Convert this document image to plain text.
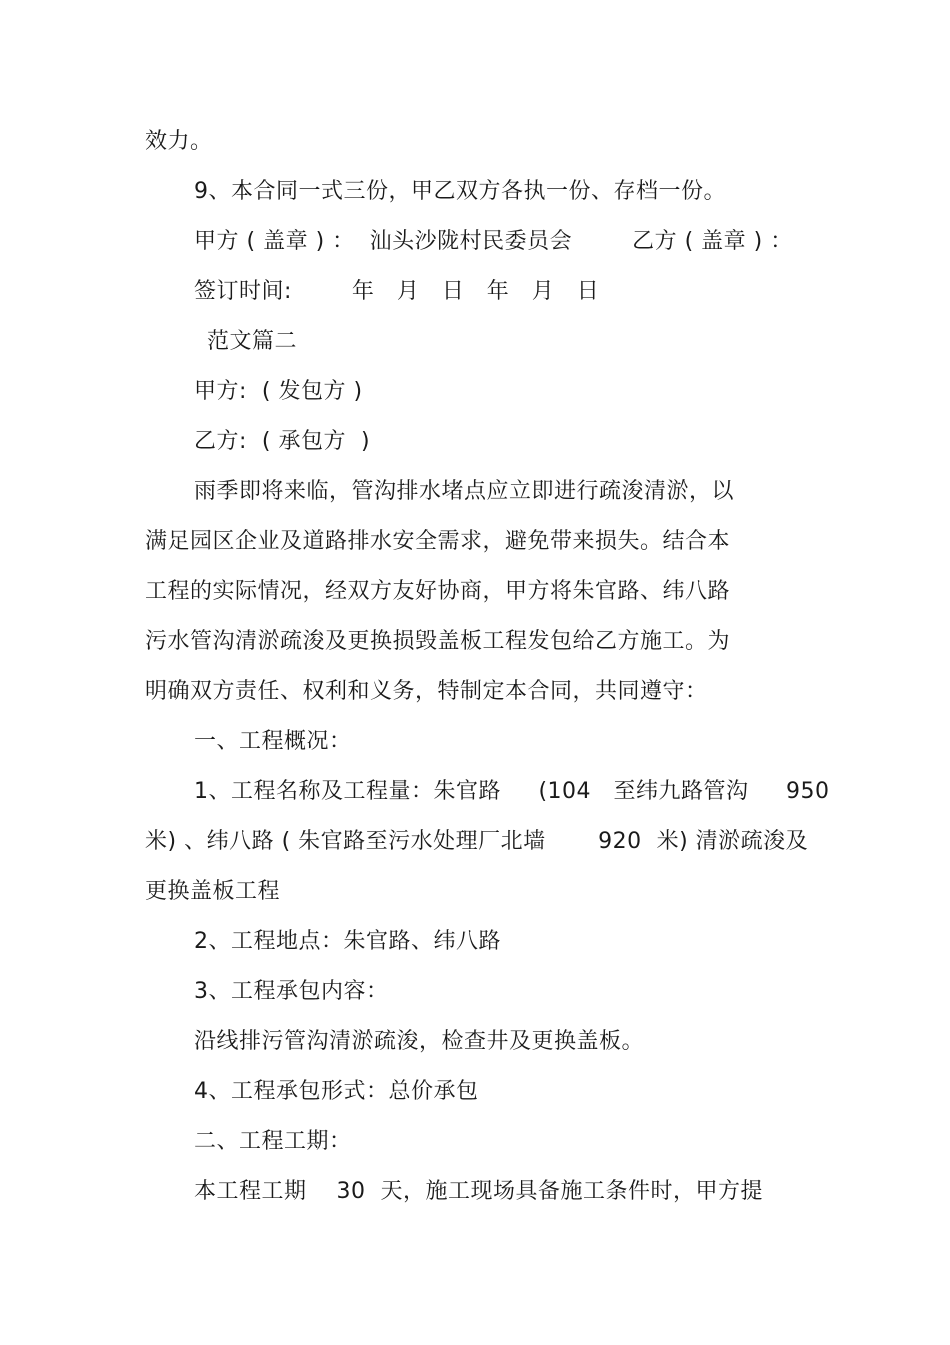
效力。
9、本合同一式三份，甲乙双方各执一份、存档一份。
甲方 ( 盖章 ) ：  汕头沙陇村民委员会        乙方 ( 盖章 ) ：
签订时间:        年   月   日   年   月   日
范文篇二
甲方:  ( 发包方 )
乙方:  ( 承包方  )
雨季即将来临，管沟排水堵点应立即进行疏浚清淤，以
满足园区企业及道路排水安全需求，避免带来损失。结合本
工程的实际情况，经双方友好协商，甲方将朱官路、纬八路
污水管沟清淤疏浚及更换损毁盖板工程发包给乙方施工。为
明确双方责任、权利和义务，特制定本合同，共同遵守：
一、工程概况：
1、工程名称及工程量：朱官路     (104   至纬九路管沟     950
米) 、纬八路 ( 朱官路至污水处理厂北墙       920  米) 清淤疏浚及
更换盖板工程
2、工程地点：朱官路、纬八路
3、工程承包内容：
沿线排污管沟清淤疏浚，检查井及更换盖板。
4、工程承包形式：总价承包
二、工程工期：
本工程工期    30  天，施工现场具备施工条件时，甲方提
